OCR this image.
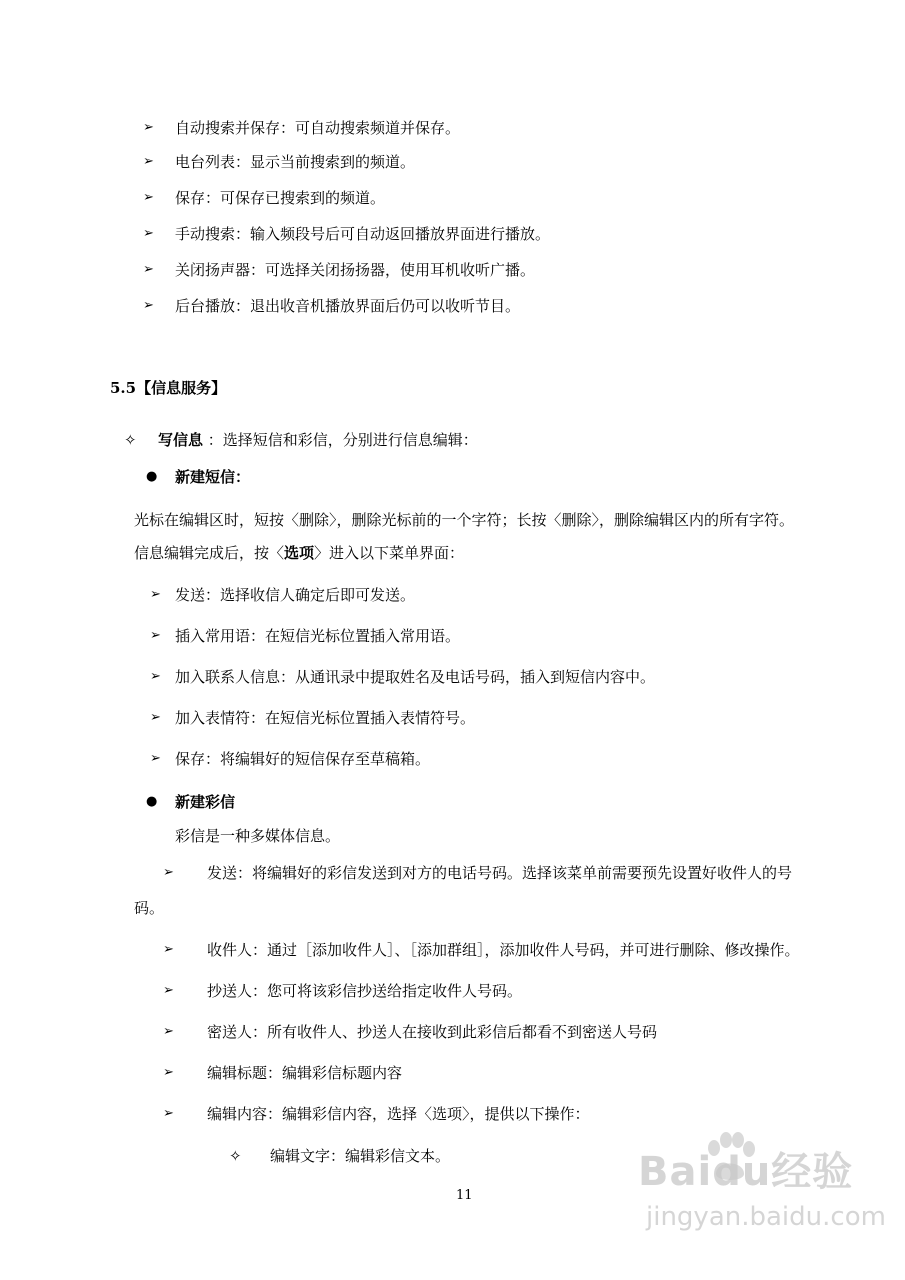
➢ 自动搜索并保存：可自动搜索频道并保存。
➢ 电台列表：显示当前搜索到的频道。
➢ 保存：可保存已搜索到的频道。
➢ 手动搜索：输入频段号后可自动返回播放界面进行播放。
➢ 关闭扬声器：可选择关闭扬扬器，使用耳机收听广播。
➢ 后台播放：退出收音机播放界面后仍可以收听节目。
5.5【信息服务】
✧ 写信息 ：选择短信和彩信，分别进行信息编辑：
● 新建短信：
光标在编辑区时，短按〈删除〉，删除光标前的一个字符；长按〈删除〉，删除编辑区内的所有字符。
信息编辑完成后，按〈选项〉进入以下菜单界面：
➢ 发送：选择收信人确定后即可发送。
➢ 插入常用语：在短信光标位置插入常用语。
➢ 加入联系人信息：从通讯录中提取姓名及电话号码，插入到短信内容中。
➢ 加入表情符：在短信光标位置插入表情符号。
➢ 保存：将编辑好的短信保存至草稿箱。
● 新建彩信
彩信是一种多媒体信息。
➢ 发送：将编辑好的彩信发送到对方的电话号码。选择该菜单前需要预先设置好收件人的号
码。
➢ 收件人：通过［添加收件人］、［添加群组］，添加收件人号码，并可进行删除、修改操作。
➢ 抄送人：您可将该彩信抄送给指定收件人号码。
➢ 密送人：所有收件人、抄送人在接收到此彩信后都看不到密送人号码
➢ 编辑标题：编辑彩信标题内容
➢ 编辑内容：编辑彩信内容，选择〈选项〉，提供以下操作：
✧ 编辑文字：编辑彩信文本。
11
Baidu经验
jingyan.baidu.com
